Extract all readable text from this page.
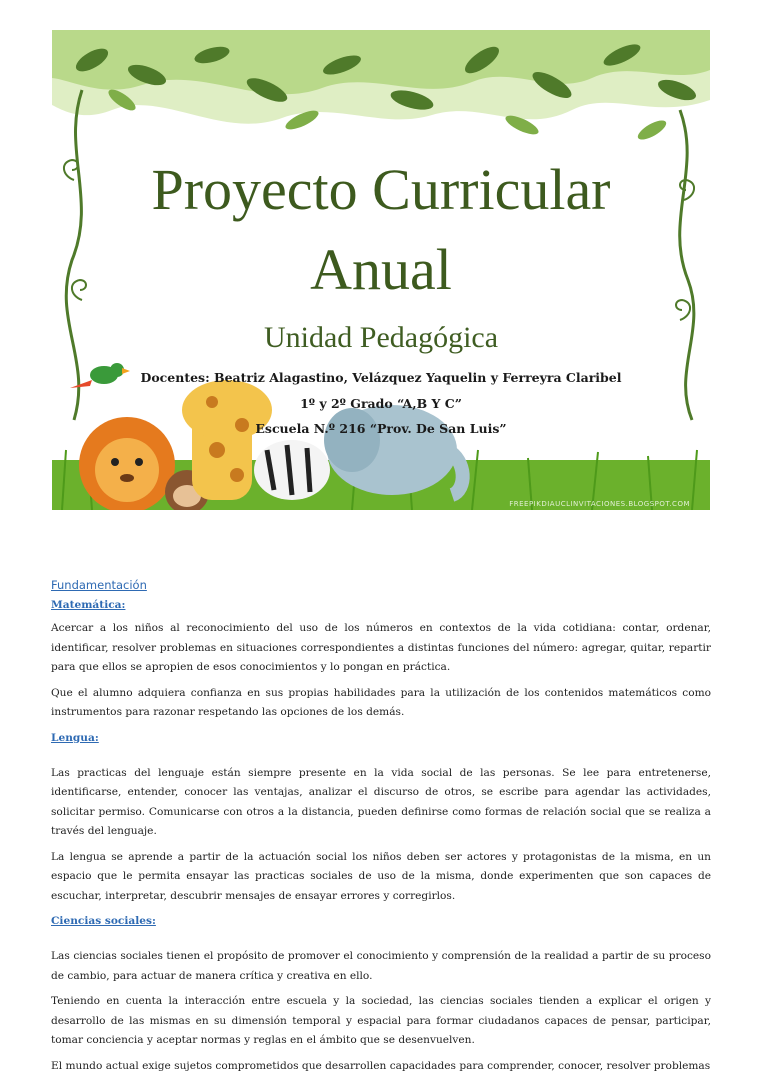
Proyecto Curricular
Anual
Unidad Pedagógica
Docentes: Beatriz Alagastino, Velázquez Yaquelin y Ferreyra Claribel
1º y 2º Grado “A,B Y C”
Escuela N.º 216 “Prov. De San Luis”
FREEPIKDIAUCLINVITACIONES.BLOGSPOT.COM
Fundamentación
Matemática:

Acercar a los niños al reconocimiento del uso de los números en contextos de la vida cotidiana: contar, ordenar, identificar, resolver problemas en situaciones correspondientes a distintas funciones del número: agregar, quitar, repartir para que ellos se apropien de esos conocimientos y lo pongan en práctica.

Que el alumno adquiera confianza en sus propias habilidades para la utilización de los contenidos matemáticos como instrumentos para razonar respetando las opciones de los demás.

Lengua:

Las practicas del lenguaje están siempre presente en la vida social de las personas. Se lee para entretenerse, identificarse, entender, conocer las ventajas, analizar el discurso de otros, se escribe para agendar las actividades, solicitar permiso. Comunicarse con otros a la distancia, pueden definirse como formas de relación social que se realiza a través del lenguaje.

La lengua se aprende a partir de la actuación social los niños deben ser actores y protagonistas de la misma, en un espacio que le permita ensayar las practicas sociales de uso de la misma, donde experimenten que son capaces de escuchar, interpretar, descubrir mensajes de ensayar errores y corregirlos.

Ciencias sociales:

Las ciencias sociales tienen el propósito de promover el conocimiento y comprensión de la realidad a partir de su proceso de cambio, para actuar de manera crítica y creativa en ello.

Teniendo en cuenta la interacción entre escuela y la sociedad, las ciencias sociales tienden a explicar el origen y desarrollo de las mismas en su dimensión temporal y espacial para formar ciudadanos capaces de pensar, participar, tomar conciencia y aceptar normas y reglas en el ámbito que se desenvuelven.

El mundo actual exige sujetos comprometidos que desarrollen capacidades para comprender, conocer, resolver problemas
